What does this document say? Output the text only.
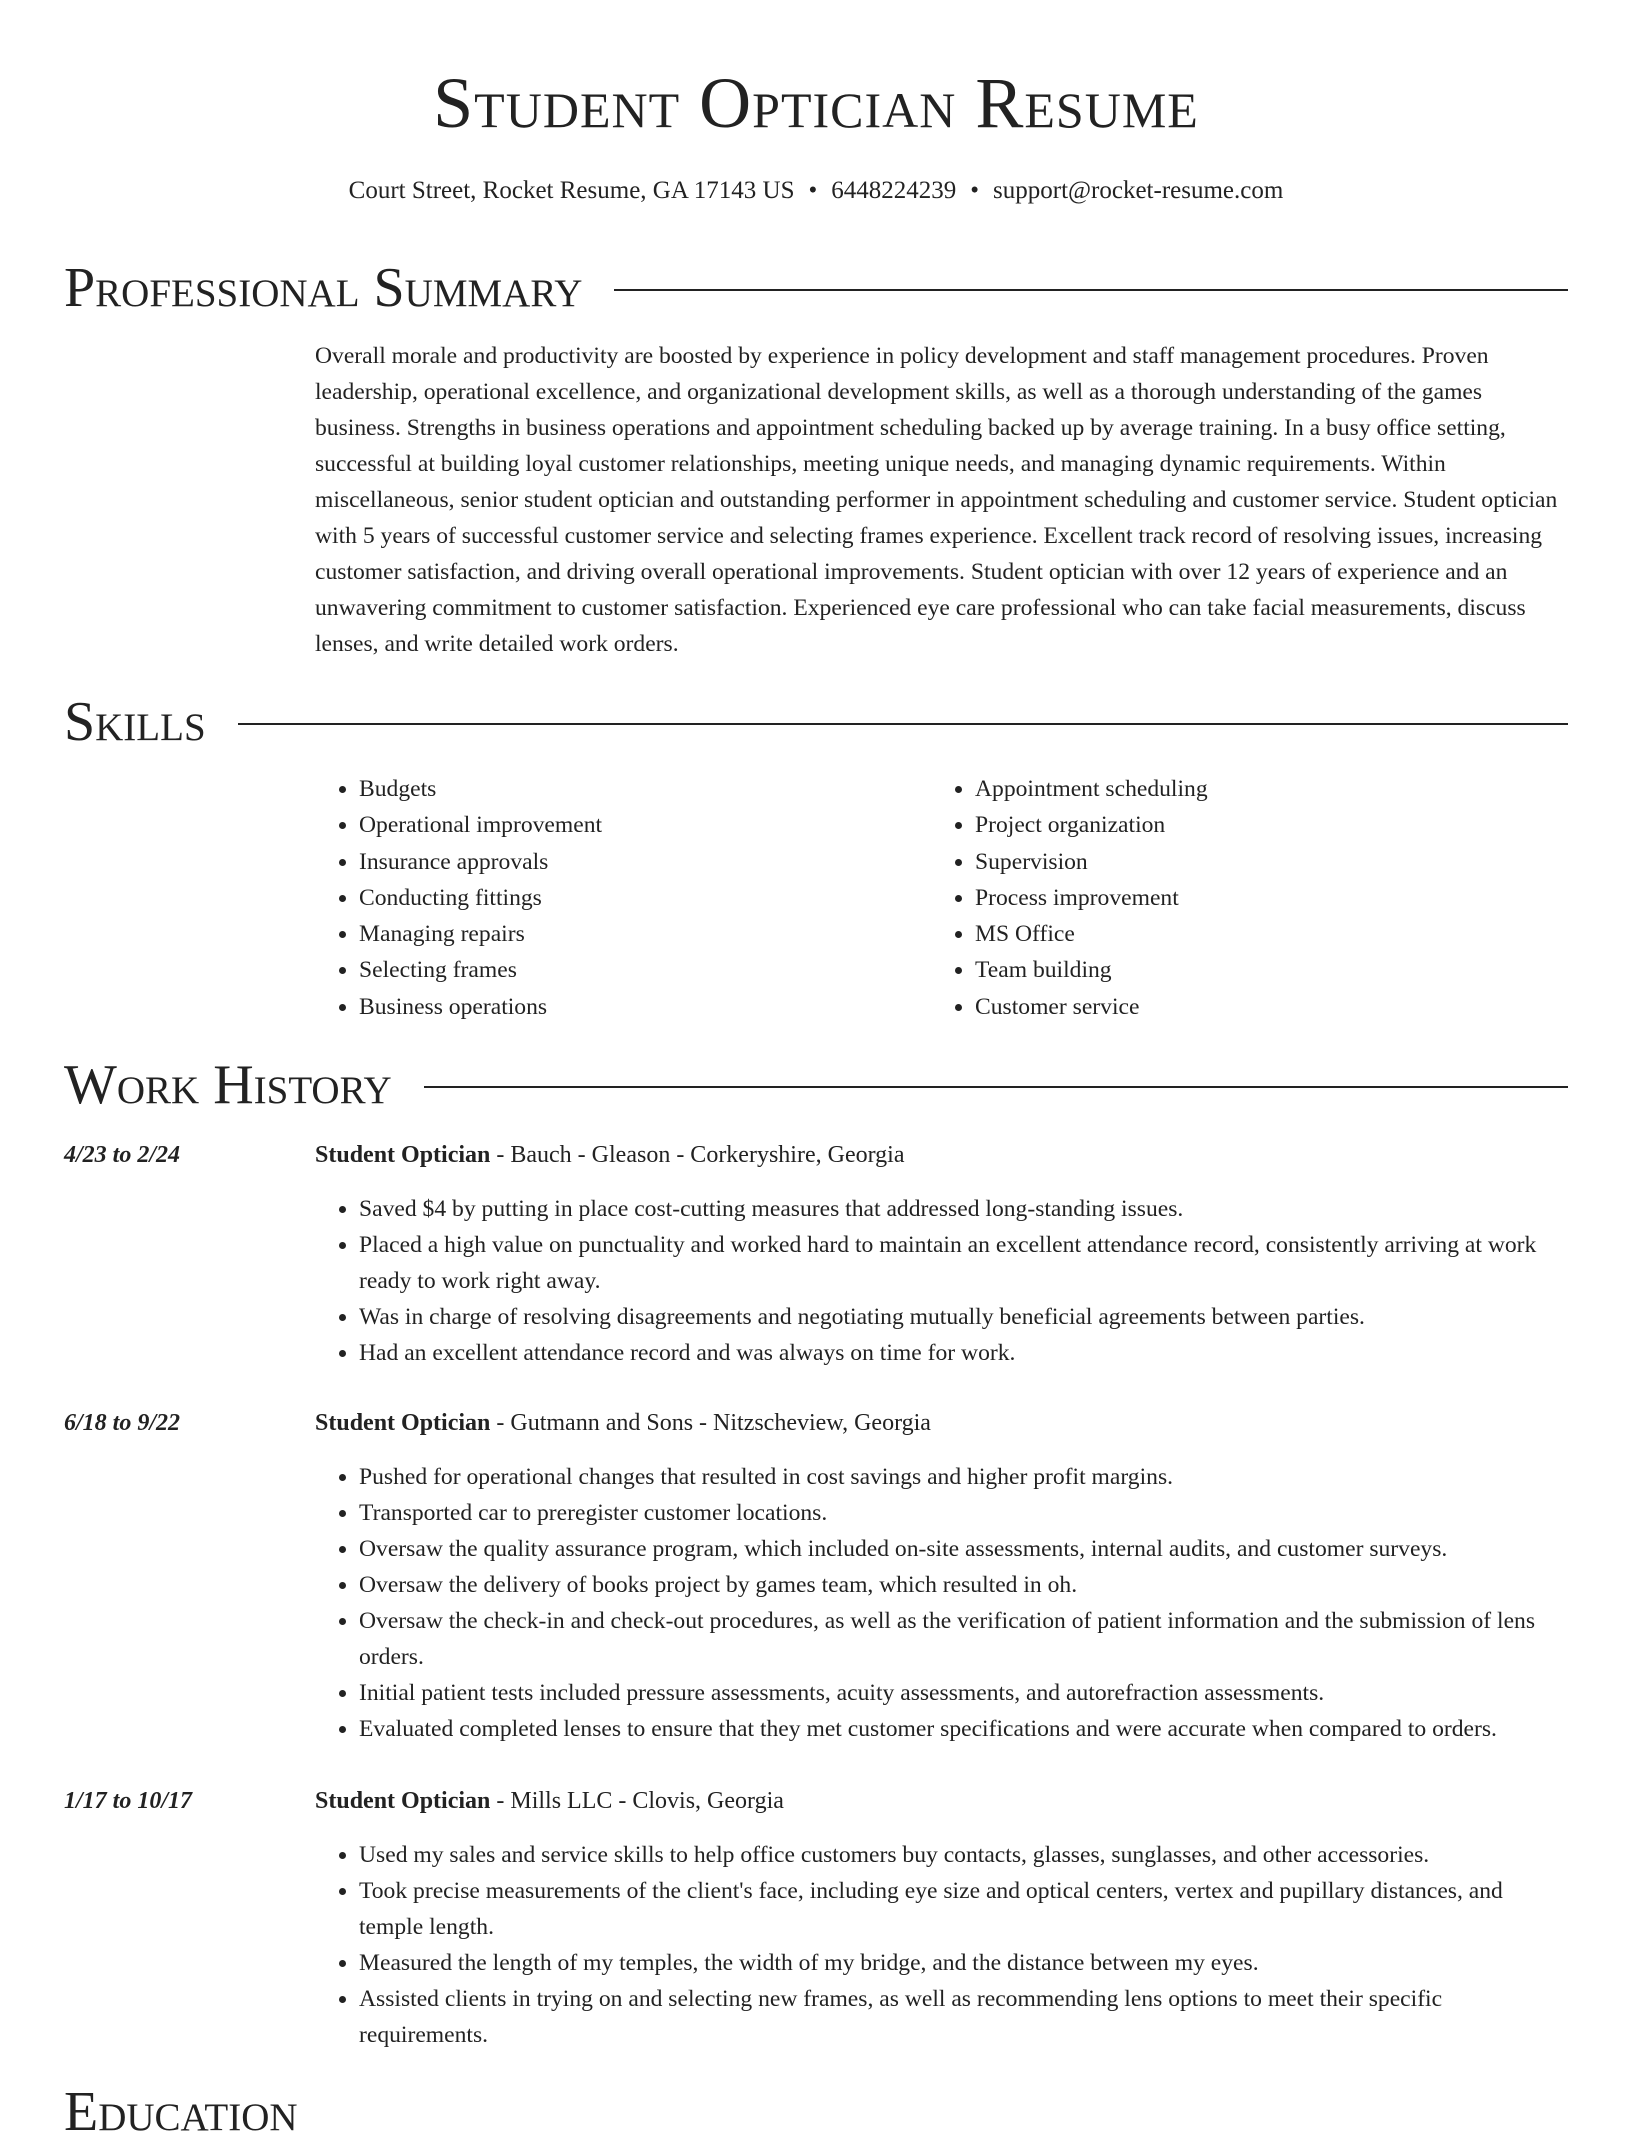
Student Optician Resume
Court Street, Rocket Resume, GA 17143 US • 6448224239 • support@rocket-resume.com
Professional Summary
Overall morale and productivity are boosted by experience in policy development and staff management procedures. Proven leadership, operational excellence, and organizational development skills, as well as a thorough understanding of the games business. Strengths in business operations and appointment scheduling backed up by average training. In a busy office setting, successful at building loyal customer relationships, meeting unique needs, and managing dynamic requirements. Within miscellaneous, senior student optician and outstanding performer in appointment scheduling and customer service. Student optician with 5 years of successful customer service and selecting frames experience. Excellent track record of resolving issues, increasing customer satisfaction, and driving overall operational improvements. Student optician with over 12 years of experience and an unwavering commitment to customer satisfaction. Experienced eye care professional who can take facial measurements, discuss lenses, and write detailed work orders.
Skills
• Budgets
• Operational improvement
• Insurance approvals
• Conducting fittings
• Managing repairs
• Selecting frames
• Business operations
• Appointment scheduling
• Project organization
• Supervision
• Process improvement
• MS Office
• Team building
• Customer service
Work History
4/23 to 2/24	Student Optician - Bauch - Gleason - Corkeryshire, Georgia
• Saved $4 by putting in place cost-cutting measures that addressed long-standing issues.
• Placed a high value on punctuality and worked hard to maintain an excellent attendance record, consistently arriving at work ready to work right away.
• Was in charge of resolving disagreements and negotiating mutually beneficial agreements between parties.
• Had an excellent attendance record and was always on time for work.
6/18 to 9/22	Student Optician - Gutmann and Sons - Nitzscheview, Georgia
• Pushed for operational changes that resulted in cost savings and higher profit margins.
• Transported car to preregister customer locations.
• Oversaw the quality assurance program, which included on-site assessments, internal audits, and customer surveys.
• Oversaw the delivery of books project by games team, which resulted in oh.
• Oversaw the check-in and check-out procedures, as well as the verification of patient information and the submission of lens orders.
• Initial patient tests included pressure assessments, acuity assessments, and autorefraction assessments.
• Evaluated completed lenses to ensure that they met customer specifications and were accurate when compared to orders.
1/17 to 10/17	Student Optician - Mills LLC - Clovis, Georgia
• Used my sales and service skills to help office customers buy contacts, glasses, sunglasses, and other accessories.
• Took precise measurements of the client's face, including eye size and optical centers, vertex and pupillary distances, and temple length.
• Measured the length of my temples, the width of my bridge, and the distance between my eyes.
• Assisted clients in trying on and selecting new frames, as well as recommending lens options to meet their specific requirements.
Education
